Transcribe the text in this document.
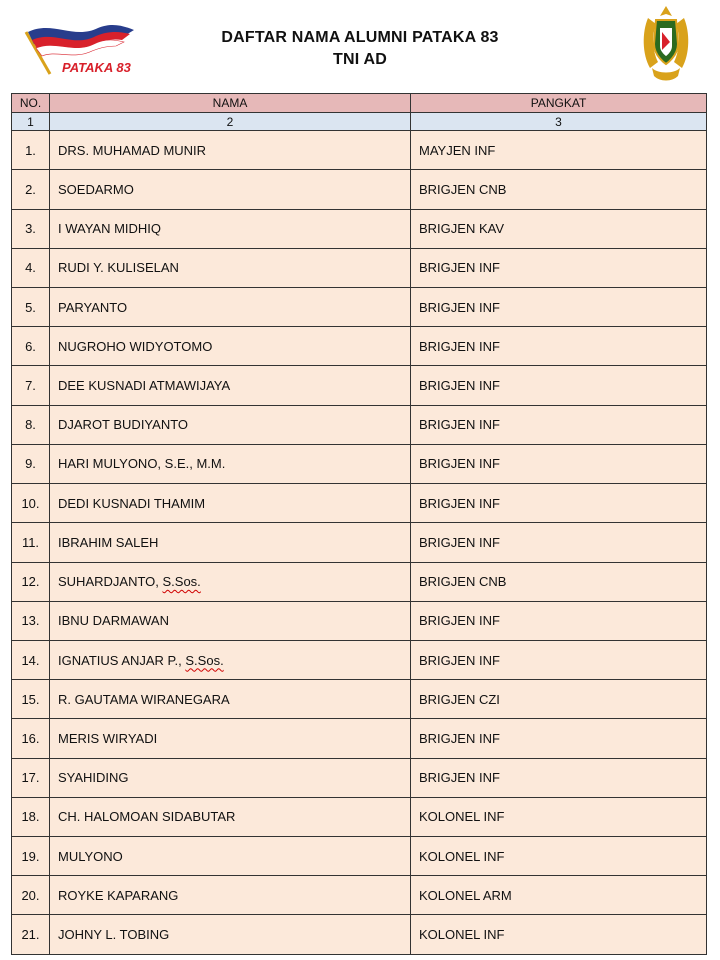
PATAKA 83
DAFTAR NAMA ALUMNI PATAKA 83
TNI AD
NO.	NAMA	PANGKAT
1	2	3
1.	DRS. MUHAMAD MUNIR	MAYJEN INF
2.	SOEDARMO	BRIGJEN CNB
3.	I WAYAN MIDHIQ	BRIGJEN KAV
4.	RUDI Y. KULISELAN	BRIGJEN INF
5.	PARYANTO	BRIGJEN INF
6.	NUGROHO WIDYOTOMO	BRIGJEN INF
7.	DEE KUSNADI ATMAWIJAYA	BRIGJEN INF
8.	DJAROT BUDIYANTO	BRIGJEN INF
9.	HARI MULYONO, S.E., M.M.	BRIGJEN INF
10.	DEDI KUSNADI THAMIM	BRIGJEN INF
11.	IBRAHIM SALEH	BRIGJEN INF
12.	SUHARDJANTO, S.Sos.	BRIGJEN CNB
13.	IBNU DARMAWAN	BRIGJEN INF
14.	IGNATIUS ANJAR P., S.Sos.	BRIGJEN INF
15.	R. GAUTAMA WIRANEGARA	BRIGJEN CZI
16.	MERIS WIRYADI	BRIGJEN INF
17.	SYAHIDING	BRIGJEN INF
18.	CH. HALOMOAN SIDABUTAR	KOLONEL INF
19.	MULYONO	KOLONEL INF
20.	ROYKE KAPARANG	KOLONEL ARM
21.	JOHNY L. TOBING	KOLONEL INF
